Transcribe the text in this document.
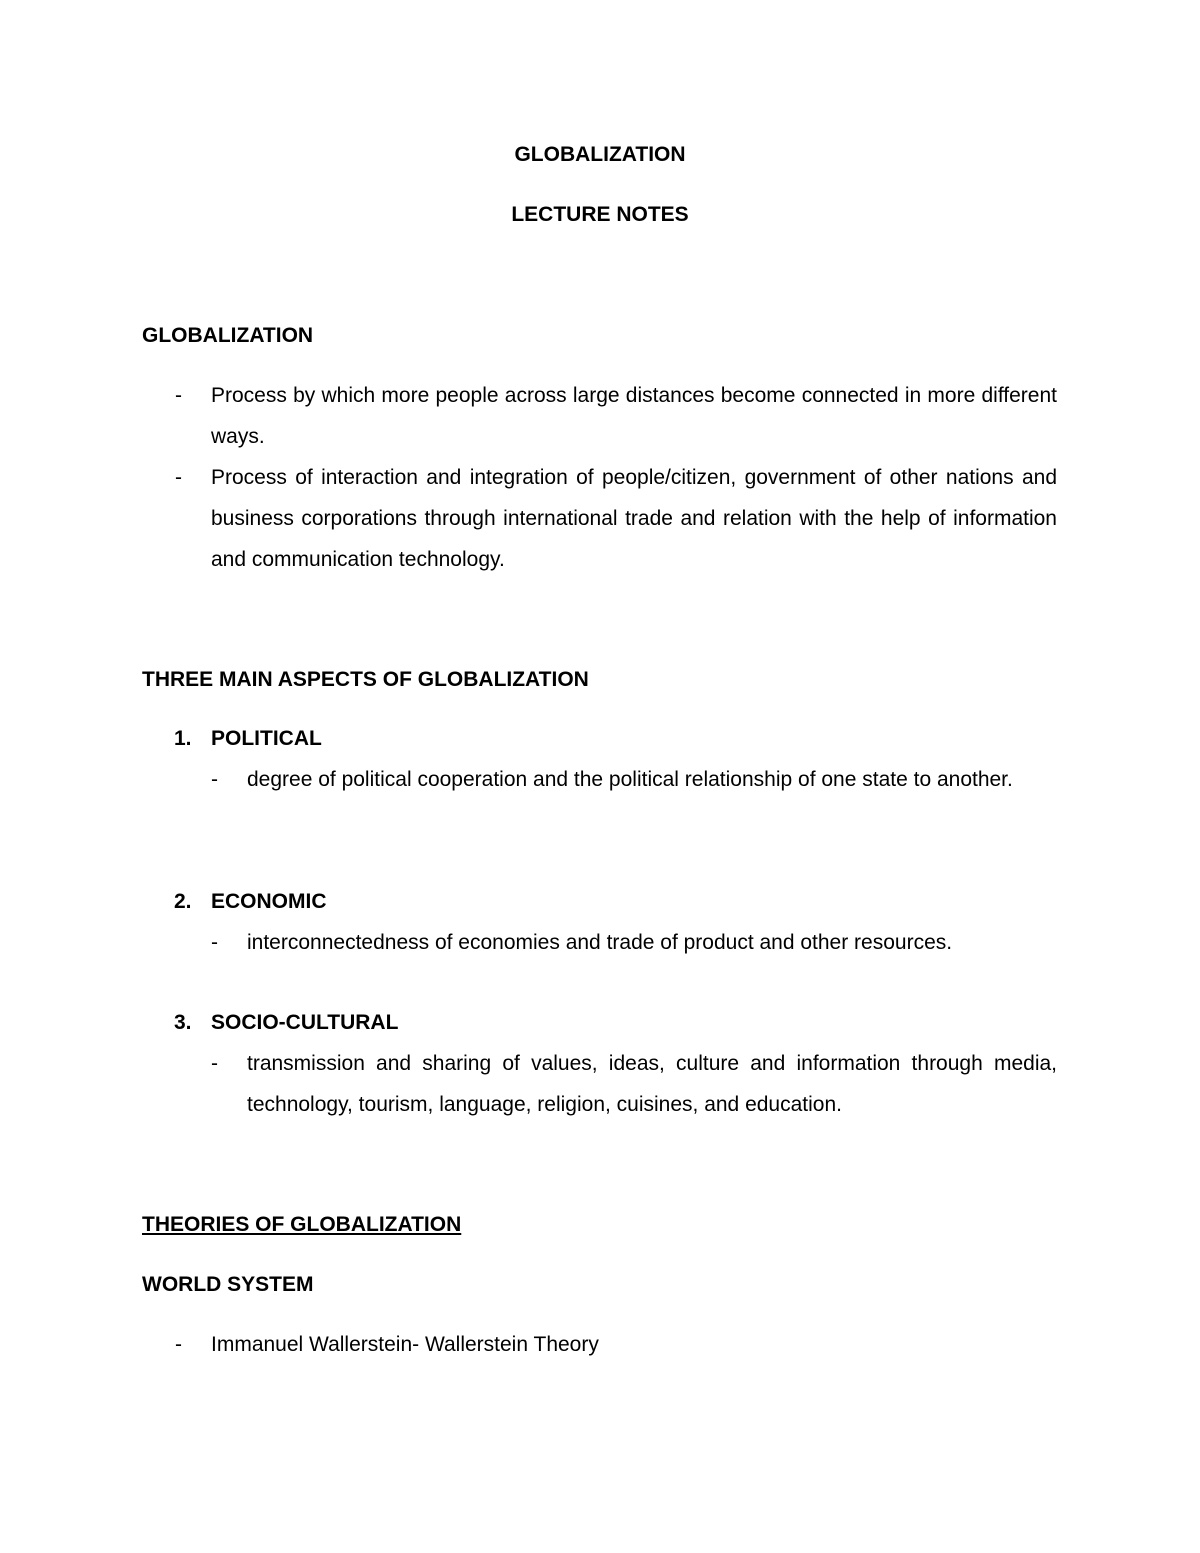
GLOBALIZATION
LECTURE NOTES
GLOBALIZATION
-	Process by which more people across large distances become connected in more different ways.
-	Process of interaction and integration of people/citizen, government of other nations and business corporations through international trade and relation with the help of information and communication technology.
THREE MAIN ASPECTS OF GLOBALIZATION
1. POLITICAL
-	degree of political cooperation and the political relationship of one state to another.
2. ECONOMIC
-	interconnectedness of economies and trade of product and other resources.
3. SOCIO-CULTURAL
-	transmission and sharing of values, ideas, culture and information through media, technology, tourism, language, religion, cuisines, and education.
THEORIES OF GLOBALIZATION
WORLD SYSTEM
-	Immanuel Wallerstein- Wallerstein Theory
